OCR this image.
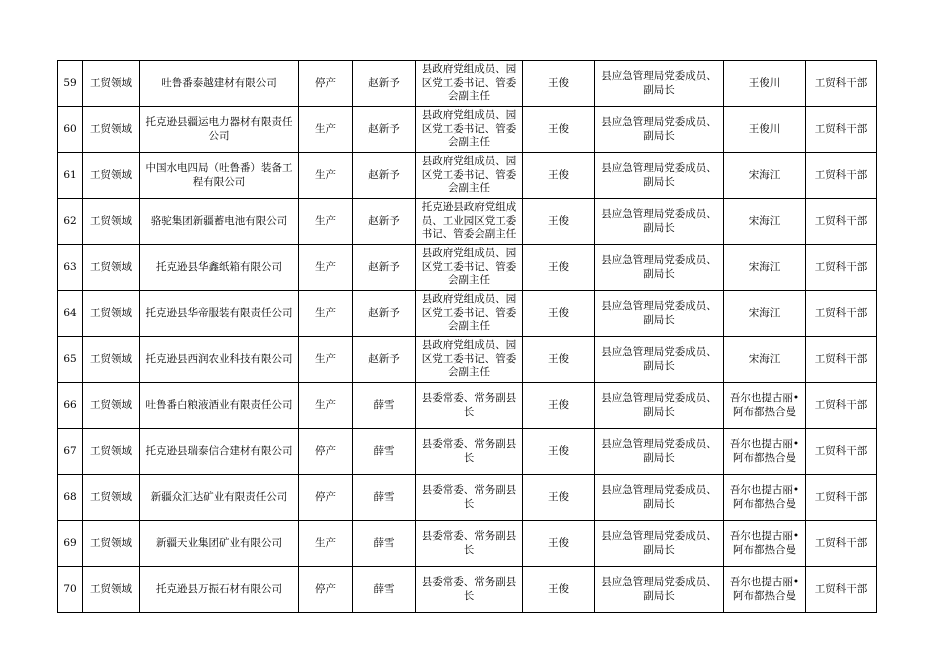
59	工贸领域	吐鲁番泰越建材有限公司	停产	赵新予	县政府党组成员、园区党工委书记、管委会副主任	王俊	县应急管理局党委成员、副局长	王俊川	工贸科干部
60	工贸领域	托克逊县疆运电力器材有限责任公司	生产	赵新予	县政府党组成员、园区党工委书记、管委会副主任	王俊	县应急管理局党委成员、副局长	王俊川	工贸科干部
61	工贸领域	中国水电四局（吐鲁番）装备工程有限公司	生产	赵新予	县政府党组成员、园区党工委书记、管委会副主任	王俊	县应急管理局党委成员、副局长	宋海江	工贸科干部
62	工贸领域	骆驼集团新疆蓄电池有限公司	生产	赵新予	托克逊县政府党组成员、工业园区党工委书记、管委会副主任	王俊	县应急管理局党委成员、副局长	宋海江	工贸科干部
63	工贸领域	托克逊县华鑫纸箱有限公司	生产	赵新予	县政府党组成员、园区党工委书记、管委会副主任	王俊	县应急管理局党委成员、副局长	宋海江	工贸科干部
64	工贸领域	托克逊县华帝服装有限责任公司	生产	赵新予	县政府党组成员、园区党工委书记、管委会副主任	王俊	县应急管理局党委成员、副局长	宋海江	工贸科干部
65	工贸领域	托克逊县西润农业科技有限公司	生产	赵新予	县政府党组成员、园区党工委书记、管委会副主任	王俊	县应急管理局党委成员、副局长	宋海江	工贸科干部
66	工贸领域	吐鲁番白粮液酒业有限责任公司	生产	薛雪	县委常委、常务副县长	王俊	县应急管理局党委成员、副局长	吾尔也提古丽•阿布都热合曼	工贸科干部
67	工贸领域	托克逊县瑞泰信合建材有限公司	停产	薛雪	县委常委、常务副县长	王俊	县应急管理局党委成员、副局长	吾尔也提古丽•阿布都热合曼	工贸科干部
68	工贸领域	新疆众汇达矿业有限责任公司	停产	薛雪	县委常委、常务副县长	王俊	县应急管理局党委成员、副局长	吾尔也提古丽•阿布都热合曼	工贸科干部
69	工贸领域	新疆天业集团矿业有限公司	生产	薛雪	县委常委、常务副县长	王俊	县应急管理局党委成员、副局长	吾尔也提古丽•阿布都热合曼	工贸科干部
70	工贸领域	托克逊县万振石材有限公司	停产	薛雪	县委常委、常务副县长	王俊	县应急管理局党委成员、副局长	吾尔也提古丽•阿布都热合曼	工贸科干部
